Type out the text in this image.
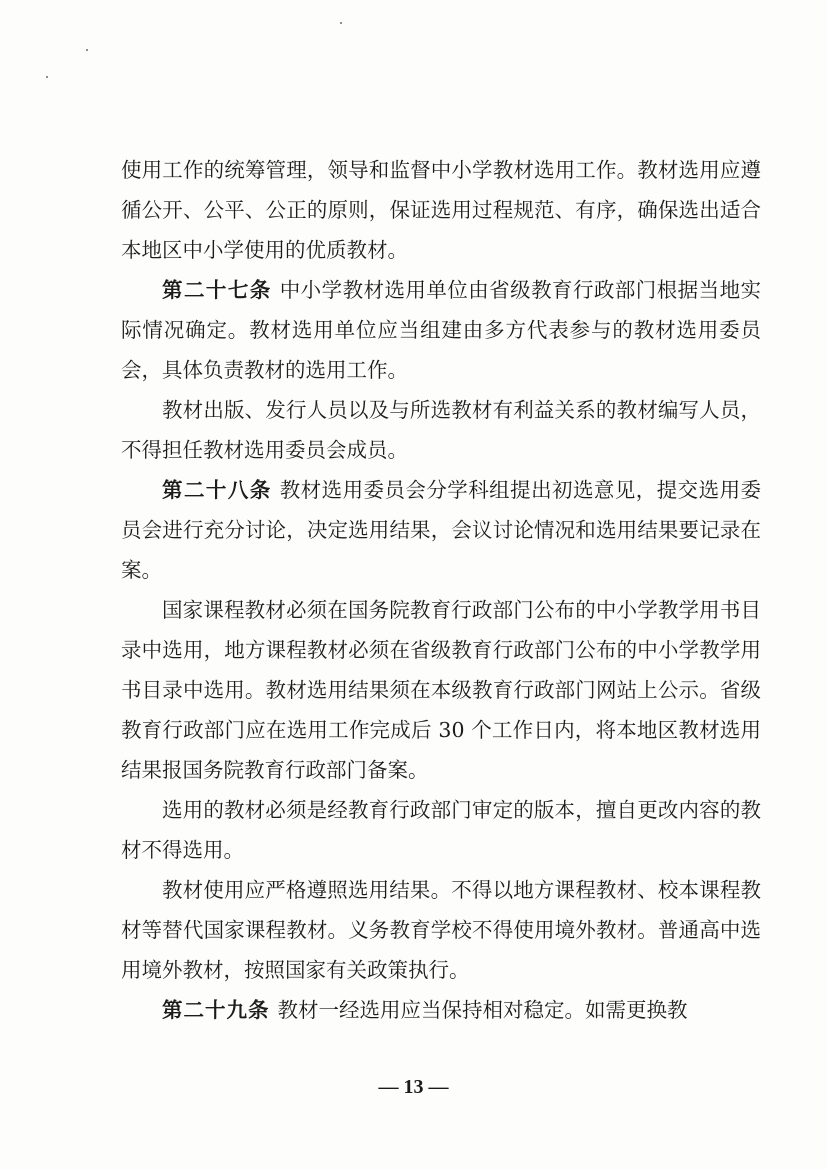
使用工作的统筹管理，领导和监督中小学教材选用工作。教材选用应遵循公开、公平、公正的原则，保证选用过程规范、有序，确保选出适合本地区中小学使用的优质教材。

第二十七条 中小学教材选用单位由省级教育行政部门根据当地实际情况确定。教材选用单位应当组建由多方代表参与的教材选用委员会，具体负责教材的选用工作。

教材出版、发行人员以及与所选教材有利益关系的教材编写人员，不得担任教材选用委员会成员。

第二十八条 教材选用委员会分学科组提出初选意见，提交选用委员会进行充分讨论，决定选用结果，会议讨论情况和选用结果要记录在案。

国家课程教材必须在国务院教育行政部门公布的中小学教学用书目录中选用，地方课程教材必须在省级教育行政部门公布的中小学教学用书目录中选用。教材选用结果须在本级教育行政部门网站上公示。省级教育行政部门应在选用工作完成后 30 个工作日内，将本地区教材选用结果报国务院教育行政部门备案。

选用的教材必须是经教育行政部门审定的版本，擅自更改内容的教材不得选用。

教材使用应严格遵照选用结果。不得以地方课程教材、校本课程教材等替代国家课程教材。义务教育学校不得使用境外教材。普通高中选用境外教材，按照国家有关政策执行。

第二十九条 教材一经选用应当保持相对稳定。如需更换教

— 13 —
